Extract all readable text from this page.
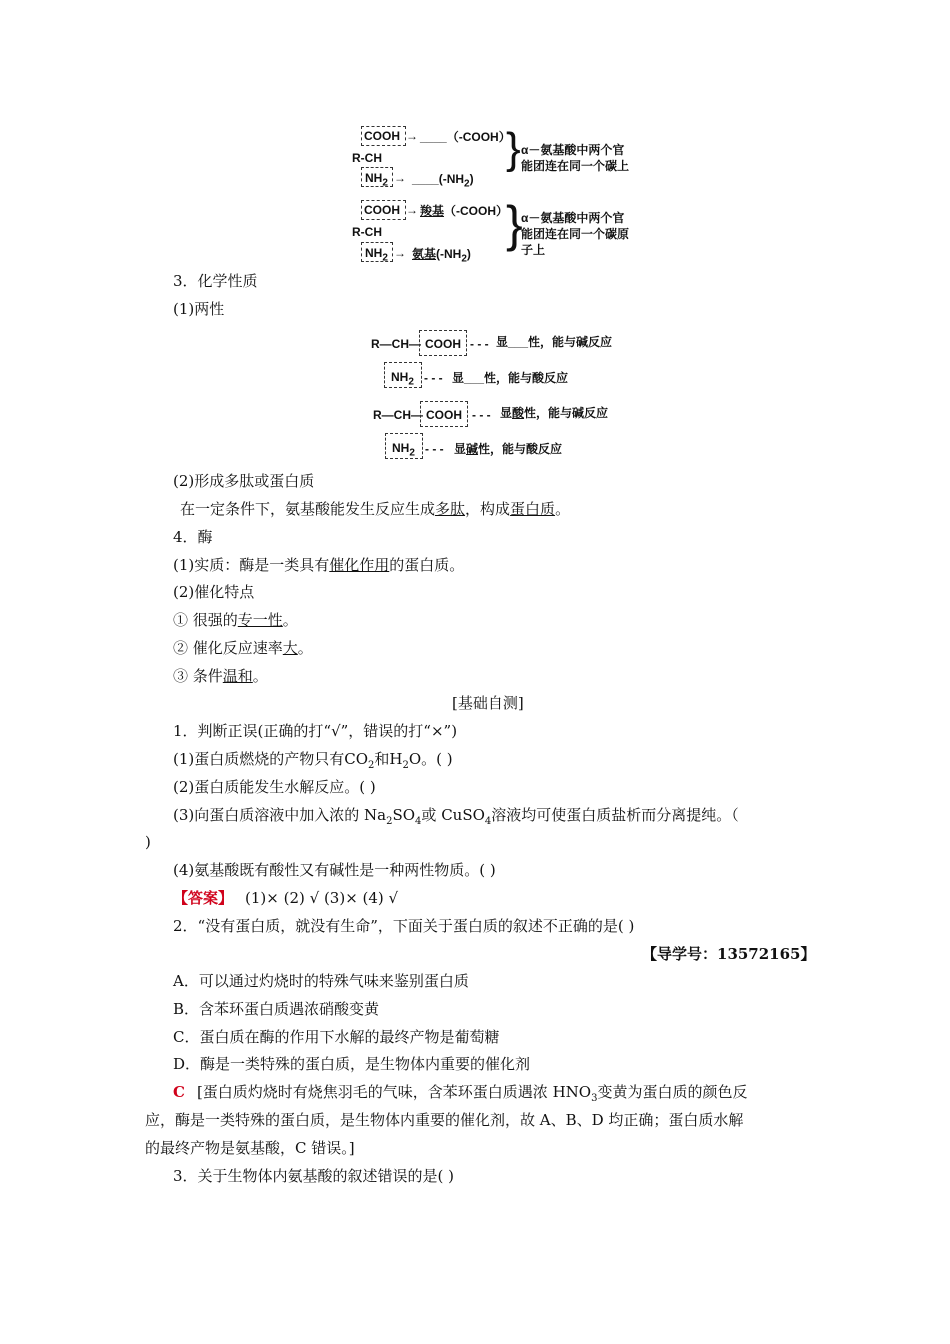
COOH
R-CH
$NH_2$
→ ____（-COOH）
→ $\_\_\_\_(-NH_2)$
} α－氨基酸中两个官
能团连在同一个碳上
COOH
R-CH
$NH_2$
→ 羧基（-COOH）
→ 氨基$(-NH_2)$
}
α－氨基酸中两个官
能团连在同一个碳原
子上
3．化学性质
(1)两性
R—CH— COOH - - - 显___性，能与碱反应
$NH_2$ - - - 显___性，能与酸反应
R—CH— COOH - - - 显酸性，能与碱反应
$NH_2$ - - - 显碱性，能与酸反应
(2)形成多肽或蛋白质
在一定条件下，氨基酸能发生反应生成多肽，构成蛋白质。
4．酶
(1)实质：酶是一类具有催化作用的蛋白质。
(2)催化特点
① 很强的专一性。
② 催化反应速率大。
③ 条件温和。
[基础自测]
1．判断正误(正确的打“√”，错误的打“×”)
(1)蛋白质燃烧的产物只有$CO_2$和$H_2O$。( )
(2)蛋白质能发生水解反应。( )
(3)向蛋白质溶液中加入浓的 $Na_2SO_4$或 CuSO$_4$溶液均可使蛋白质盐析而分离提纯。（
)
(4)氨基酸既有酸性又有碱性是一种两性物质。( )
【答案】 (1)× (2) √ (3)× (4) √
2．“没有蛋白质，就没有生命”，下面关于蛋白质的叙述不正确的是( )
【导学号：13572165】
A．可以通过灼烧时的特殊气味来鉴别蛋白质
B．含苯环蛋白质遇浓硝酸变黄
C．蛋白质在酶的作用下水解的最终产物是葡萄糖
D．酶是一类特殊的蛋白质，是生物体内重要的催化剂
C [蛋白质灼烧时有烧焦羽毛的气味，含苯环蛋白质遇浓 $HNO_3$变黄为蛋白质的颜色反
应，酶是一类特殊的蛋白质，是生物体内重要的催化剂，故 A、B、D 均正确；蛋白质水解
的最终产物是氨基酸，C 错误。]
3．关于生物体内氨基酸的叙述错误的是( )
